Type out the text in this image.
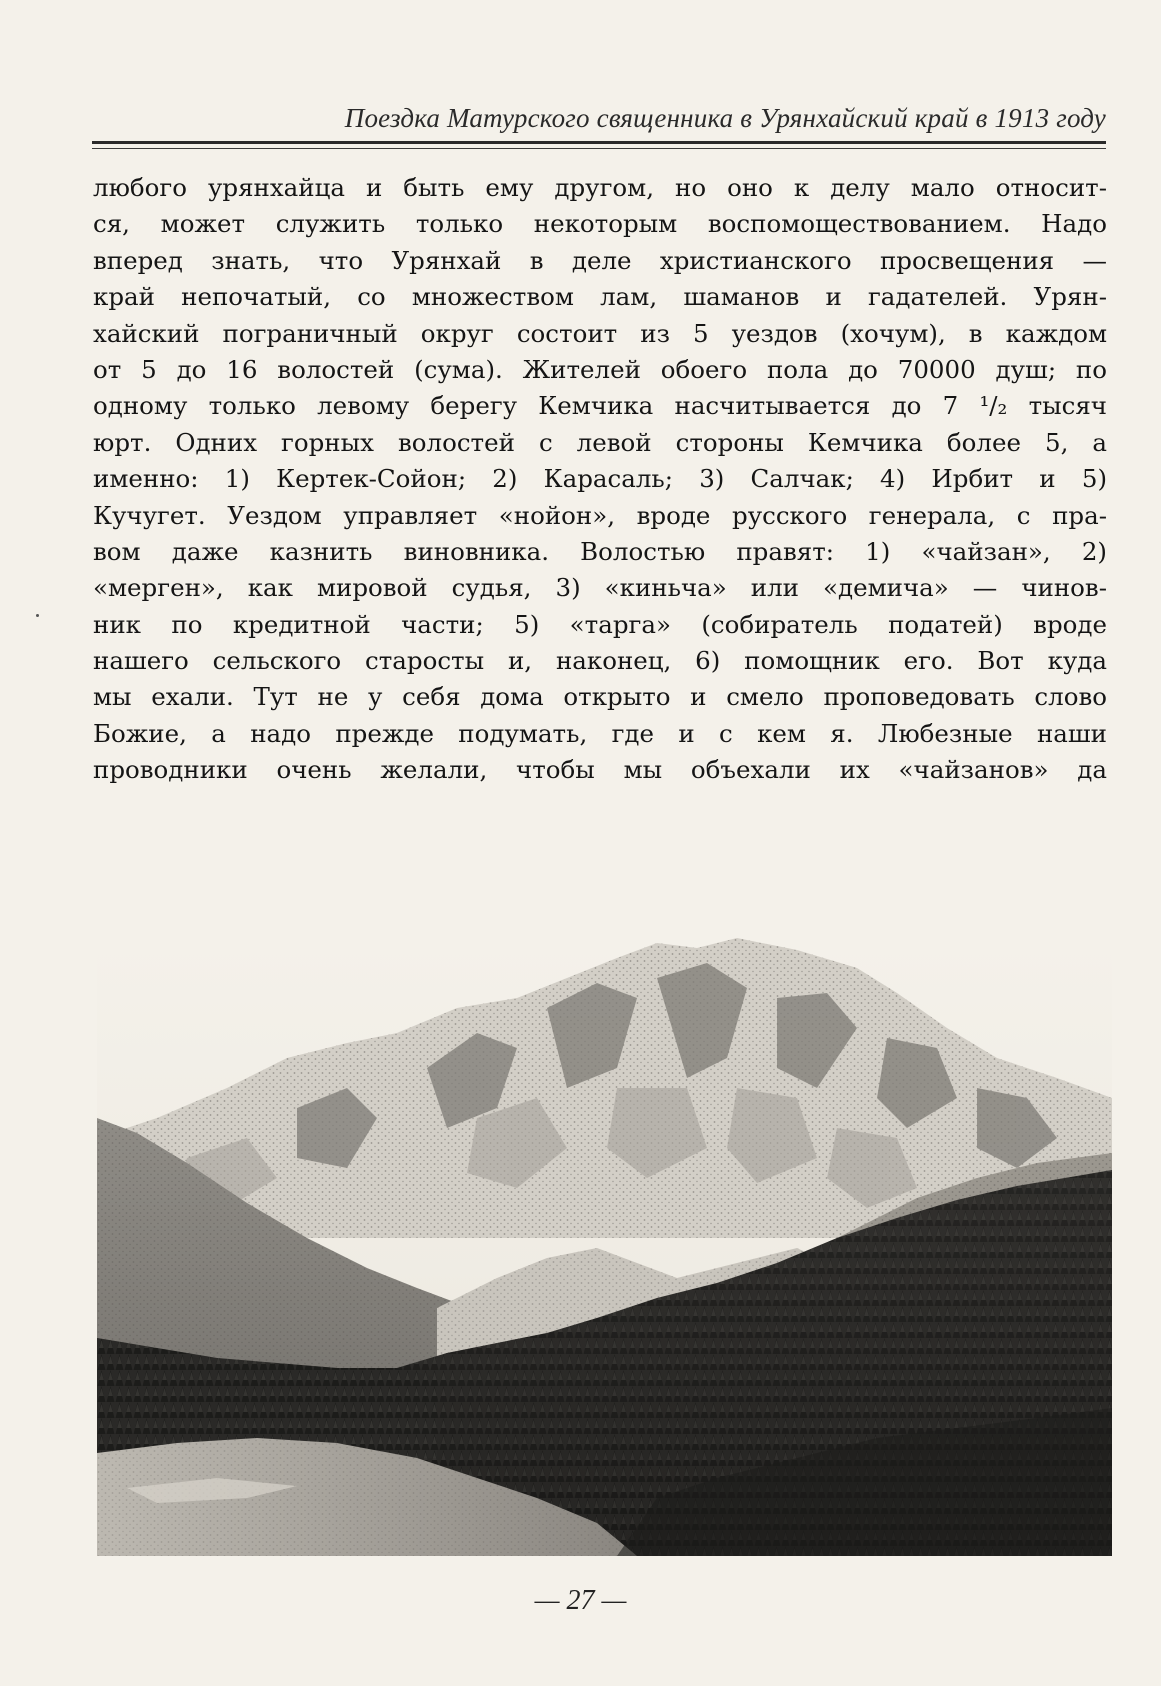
Поездка Матурского священника в Урянхайский край в 1913 году
любого урянхайца и быть ему другом, но оно к делу мало относит-
ся, может служить только некоторым воспомоществованием. Надо
вперед знать, что Урянхай в деле христианского просвещения —
край непочатый, со множеством лам, шаманов и гадателей. Урян-
хайский пограничный округ состоит из 5 уездов (хочум), в каждом
от 5 до 16 волостей (сума). Жителей обоего пола до 70000 душ; по
одному только левому берегу Кемчика насчитывается до 7 ¹/₂ тысяч
юрт. Одних горных волостей с левой стороны Кемчика более 5, а
именно: 1) Кертек-Сойон; 2) Карасаль; 3) Салчак; 4) Ирбит и 5)
Кучугет. Уездом управляет «нойон», вроде русского генерала, с пра-
вом даже казнить виновника. Волостью правят: 1) «чайзан», 2)
«мерген», как мировой судья, 3) «киньча» или «демича» — чинов-
ник по кредитной части; 5) «тарга» (собиратель податей) вроде
нашего сельского старосты и, наконец, 6) помощник его. Вот куда
мы ехали. Тут не у себя дома открыто и смело проповедовать слово
Божие, а надо прежде подумать, где и с кем я. Любезные наши
проводники очень желали, чтобы мы объехали их «чайзанов» да
— 27 —
